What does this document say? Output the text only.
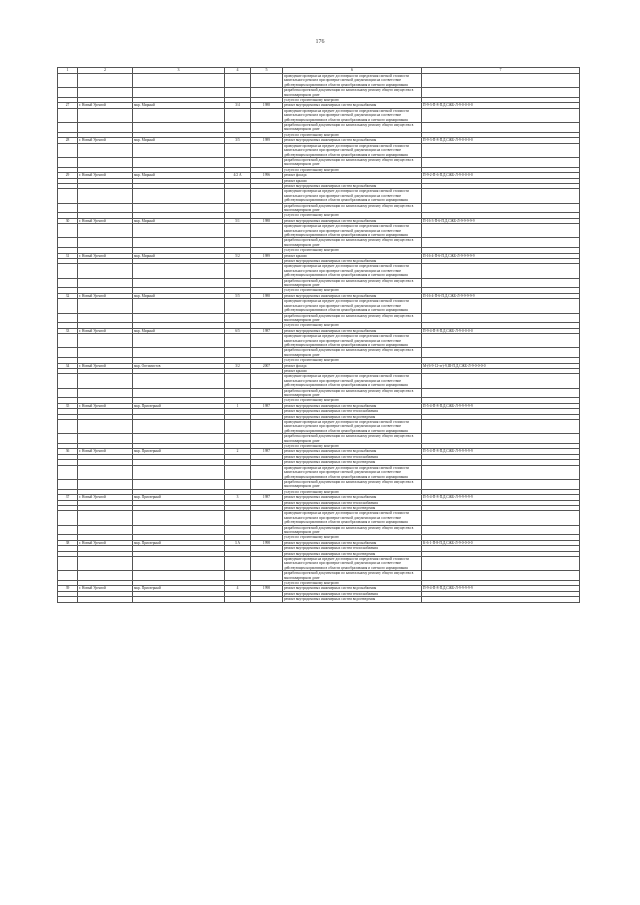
176
1	2	3	4	5	6	7
					проведение проверки на предмет достоверности определения сметной стоимости капитального ремонта при проверке сметной документации на соответствие действующим нормативам в области ценообразования и сметного нормирования	
					разработка проектной документации по капитальному ремонту общего имущества в многоквартирном доме	
					услуги по строительному контролю	
27	г. Новый Уренгой	мкр. Мирный	3/4	1988	ремонт внутридомовых инженерных систем водоснабжения	П-9-3-П-8-П,Д,СЖБ-Л-9-0-0-0-0
					проведение проверки на предмет достоверности определения сметной стоимости капитального ремонта при проверке сметной документации на соответствие действующим нормативам в области ценообразования и сметного нормирования	
					разработка проектной документации по капитальному ремонту общего имущества в многоквартирном доме	
					услуги по строительному контролю	
28	г. Новый Уренгой	мкр. Мирный	3/5	1989	ремонт внутридомовых инженерных систем водоснабжения	П-9-3-П-8-П,Д,СЖБ-Л-9-0-0-0-0
					проведение проверки на предмет достоверности определения сметной стоимости капитального ремонта при проверке сметной документации на соответствие действующим нормативам в области ценообразования и сметного нормирования	
					разработка проектной документации по капитальному ремонту общего имущества в многоквартирном доме	
					услуги по строительному контролю	
29	г. Новый Уренгой	мкр. Мирный	4/2 А	1996	ремонт фасада	П-9-2-П-6-П,Д,СЖБ-Л-9-0-0-0-0
					ремонт крыши	
					ремонт внутридомовых инженерных систем водоснабжения	
					проведение проверки на предмет достоверности определения сметной стоимости капитального ремонта при проверке сметной документации на соответствие действующим нормативам в области ценообразования и сметного нормирования	
					разработка проектной документации по капитальному ремонту общего имущества в многоквартирном доме	
					услуги по строительному контролю	
30	г. Новый Уренгой	мкр. Мирный	5/1	1988	ремонт внутридомовых инженерных систем водоснабжения	П-16-3-П-6-П,Д,СЖБ-Л-9-9-9-9-9
					проведение проверки на предмет достоверности определения сметной стоимости капитального ремонта при проверке сметной документации на соответствие действующим нормативам в области ценообразования и сметного нормирования	
					разработка проектной документации по капитальному ремонту общего имущества в многоквартирном доме	
					услуги по строительному контролю	
31	г. Новый Уренгой	мкр. Мирный	5/2	1989	ремонт крыши	П-16-4-П-6-П,Д,СЖБ-Л-9-9-9-9-9
					ремонт внутридомовых инженерных систем водоснабжения	
					проведение проверки на предмет достоверности определения сметной стоимости капитального ремонта при проверке сметной документации на соответствие действующим нормативам в области ценообразования и сметного нормирования	
					разработка проектной документации по капитальному ремонту общего имущества в многоквартирном доме	
					услуги по строительному контролю	
32	г. Новый Уренгой	мкр. Мирный	5/5	1988	ремонт внутридомовых инженерных систем водоснабжения	П-16-4-П-6-П,Д,СЖБ-Л-9-9-9-9-9
					проведение проверки на предмет достоверности определения сметной стоимости капитального ремонта при проверке сметной документации на соответствие действующим нормативам в области ценообразования и сметного нормирования	
					разработка проектной документации по капитальному ремонту общего имущества в многоквартирном доме	
					услуги по строительному контролю	
33	г. Новый Уренгой	мкр. Мирный	6/5	1987	ремонт внутридомовых инженерных систем водоснабжения	П-9-4-П-8-П,Д,СЖБ-Л-9-0-0-0-0
					проведение проверки на предмет достоверности определения сметной стоимости капитального ремонта при проверке сметной документации на соответствие действующим нормативам в области ценообразования и сметного нормирования	
					разработка проектной документации по капитальному ремонту общего имущества в многоквартирном доме	
					услуги по строительному контролю	
34	г. Новый Уренгой	мкр. Оптимистов	3/2	2007	ремонт фасада	М-(6-9-12-эт)-9,Ш-П,Д,СЖБ-Л-9-0-0-0-0
					ремонт крыши	
					проведение проверки на предмет достоверности определения сметной стоимости капитального ремонта при проверке сметной документации на соответствие действующим нормативам в области ценообразования и сметного нормирования	
					разработка проектной документации по капитальному ремонту общего имущества в многоквартирном доме	
					услуги по строительному контролю	
35	г. Новый Уренгой	мкр. Приозерный	1	1987	ремонт внутридомовых инженерных систем водоснабжения	П-5-4-П-8-П,Д,СЖБ-Л-9-9-9-9-9
					ремонт внутридомовых инженерных систем теплоснабжения	
					ремонт внутридомовых инженерных систем водоотведения	
					проведение проверки на предмет достоверности определения сметной стоимости капитального ремонта при проверке сметной документации на соответствие действующим нормативам в области ценообразования и сметного нормирования	
					разработка проектной документации по капитальному ремонту общего имущества в многоквартирном доме	
					услуги по строительному контролю	
36	г. Новый Уренгой	мкр. Приозерный	2	1987	ремонт внутридомовых инженерных систем водоснабжения	П-5-4-П-8-П,Д,СЖБ-Л-9-9-9-9-9
					ремонт внутридомовых инженерных систем теплоснабжения	
					ремонт внутридомовых инженерных систем водоотведения	
					проведение проверки на предмет достоверности определения сметной стоимости капитального ремонта при проверке сметной документации на соответствие действующим нормативам в области ценообразования и сметного нормирования	
					разработка проектной документации по капитальному ремонту общего имущества в многоквартирном доме	
					услуги по строительному контролю	
37	г. Новый Уренгой	мкр. Приозерный	3	1987	ремонт внутридомовых инженерных систем водоснабжения	П-5-4-П-8-П,Д,СЖБ-Л-9-9-9-9-9
					ремонт внутридомовых инженерных систем теплоснабжения	
					ремонт внутридомовых инженерных систем водоотведения	
					проведение проверки на предмет достоверности определения сметной стоимости капитального ремонта при проверке сметной документации на соответствие действующим нормативам в области ценообразования и сметного нормирования	
					разработка проектной документации по капитальному ремонту общего имущества в многоквартирном доме	
					услуги по строительному контролю	
38	г. Новый Уренгой	мкр. Приозерный	3 А	1998	ремонт внутридомовых инженерных систем водоснабжения	К-6-1-П-8-П,Д,СЖБ-Л-9-0-0-0-0
					ремонт внутридомовых инженерных систем теплоснабжения	
					ремонт внутридомовых инженерных систем водоотведения	
					проведение проверки на предмет достоверности определения сметной стоимости капитального ремонта при проверке сметной документации на соответствие действующим нормативам в области ценообразования и сметного нормирования	
					разработка проектной документации по капитальному ремонту общего имущества в многоквартирном доме	
					услуги по строительному контролю	
39	г. Новый Уренгой	мкр. Приозерный	4	1998	ремонт внутридомовых инженерных систем водоснабжения	П-9-4-П-8-П,Д,СЖБ-Л-9-9-9-9-9
					ремонт внутридомовых инженерных систем теплоснабжения	
					ремонт внутридомовых инженерных систем водоотведения	
